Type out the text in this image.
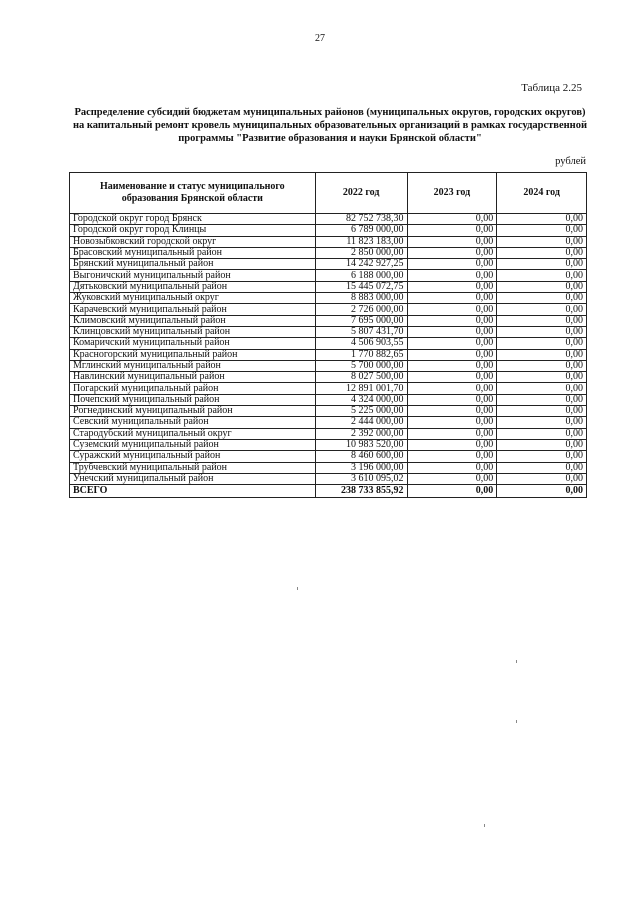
27
Таблица 2.25
Распределение субсидий бюджетам муниципальных районов (муниципальных округов, городских округов) на капитальный ремонт кровель муниципальных образовательных организаций в рамках государственной программы "Развитие образования и науки Брянской области"
рублей
Наименование и статус муниципального образования Брянской области	2022 год	2023 год	2024 год
Городской округ город Брянск	82 752 738,30	0,00	0,00
Городской округ город Клинцы	6 789 000,00	0,00	0,00
Новозыбковский городской округ	11 823 183,00	0,00	0,00
Брасовский муниципальный район	2 850 000,00	0,00	0,00
Брянский муниципальный район	14 242 927,25	0,00	0,00
Выгоничский муниципальный район	6 188 000,00	0,00	0,00
Дятьковский муниципальный район	15 445 072,75	0,00	0,00
Жуковский муниципальный округ	8 883 000,00	0,00	0,00
Карачевский муниципальный район	2 726 000,00	0,00	0,00
Климовский муниципальный район	7 695 000,00	0,00	0,00
Клинцовский муниципальный район	5 807 431,70	0,00	0,00
Комаричский муниципальный район	4 506 903,55	0,00	0,00
Красногорский муниципальный район	1 770 882,65	0,00	0,00
Мглинский муниципальный район	5 700 000,00	0,00	0,00
Навлинский муниципальный район	8 027 500,00	0,00	0,00
Погарский муниципальный район	12 891 001,70	0,00	0,00
Почепский муниципальный район	4 324 000,00	0,00	0,00
Рогнединский муниципальный район	5 225 000,00	0,00	0,00
Севский муниципальный район	2 444 000,00	0,00	0,00
Стародубский муниципальный округ	2 392 000,00	0,00	0,00
Суземский муниципальный район	10 983 520,00	0,00	0,00
Суражский муниципальный район	8 460 600,00	0,00	0,00
Трубчевский муниципальный район	3 196 000,00	0,00	0,00
Унечский муниципальный район	3 610 095,02	0,00	0,00
ВСЕГО	238 733 855,92	0,00	0,00
